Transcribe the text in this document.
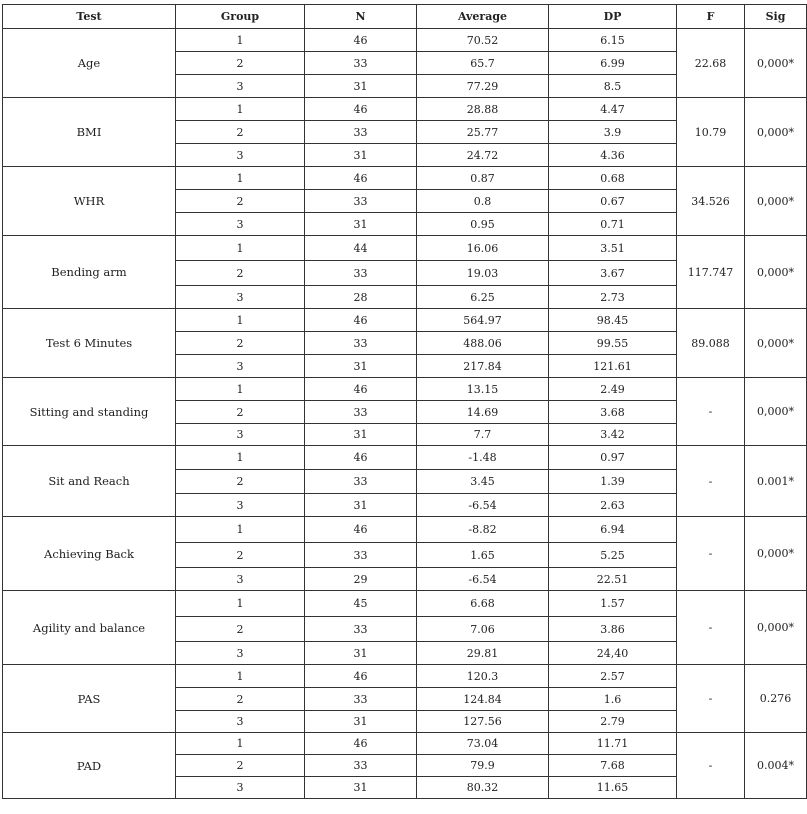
Test	Group	N	Average	DP	F	Sig
Age	1	46	70.52	6.15	22.68	0,000*
	2	33	65.7	6.99		
	3	31	77.29	8.5		
BMI	1	46	28.88	4.47	10.79	0,000*
	2	33	25.77	3.9		
	3	31	24.72	4.36		
WHR	1	46	0.87	0.68	34.526	0,000*
	2	33	0.8	0.67		
	3	31	0.95	0.71		
Bending arm	1	44	16.06	3.51	117.747	0,000*
	2	33	19.03	3.67		
	3	28	6.25	2.73		
Test 6 Minutes	1	46	564.97	98.45	89.088	0,000*
	2	33	488.06	99.55		
	3	31	217.84	121.61		
Sitting and standing	1	46	13.15	2.49	-	0,000*
	2	33	14.69	3.68		
	3	31	7.7	3.42		
Sit and Reach	1	46	-1.48	0.97	-	0.001*
	2	33	3.45	1.39		
	3	31	-6.54	2.63		
Achieving Back	1	46	-8.82	6.94	-	0,000*
	2	33	1.65	5.25		
	3	29	-6.54	22.51		
Agility and balance	1	45	6.68	1.57	-	0,000*
	2	33	7.06	3.86		
	3	31	29.81	24,40		
PAS	1	46	120.3	2.57	-	0.276
	2	33	124.84	1.6		
	3	31	127.56	2.79		
PAD	1	46	73.04	11.71	-	0.004*
	2	33	79.9	7.68		
	3	31	80.32	11.65		
